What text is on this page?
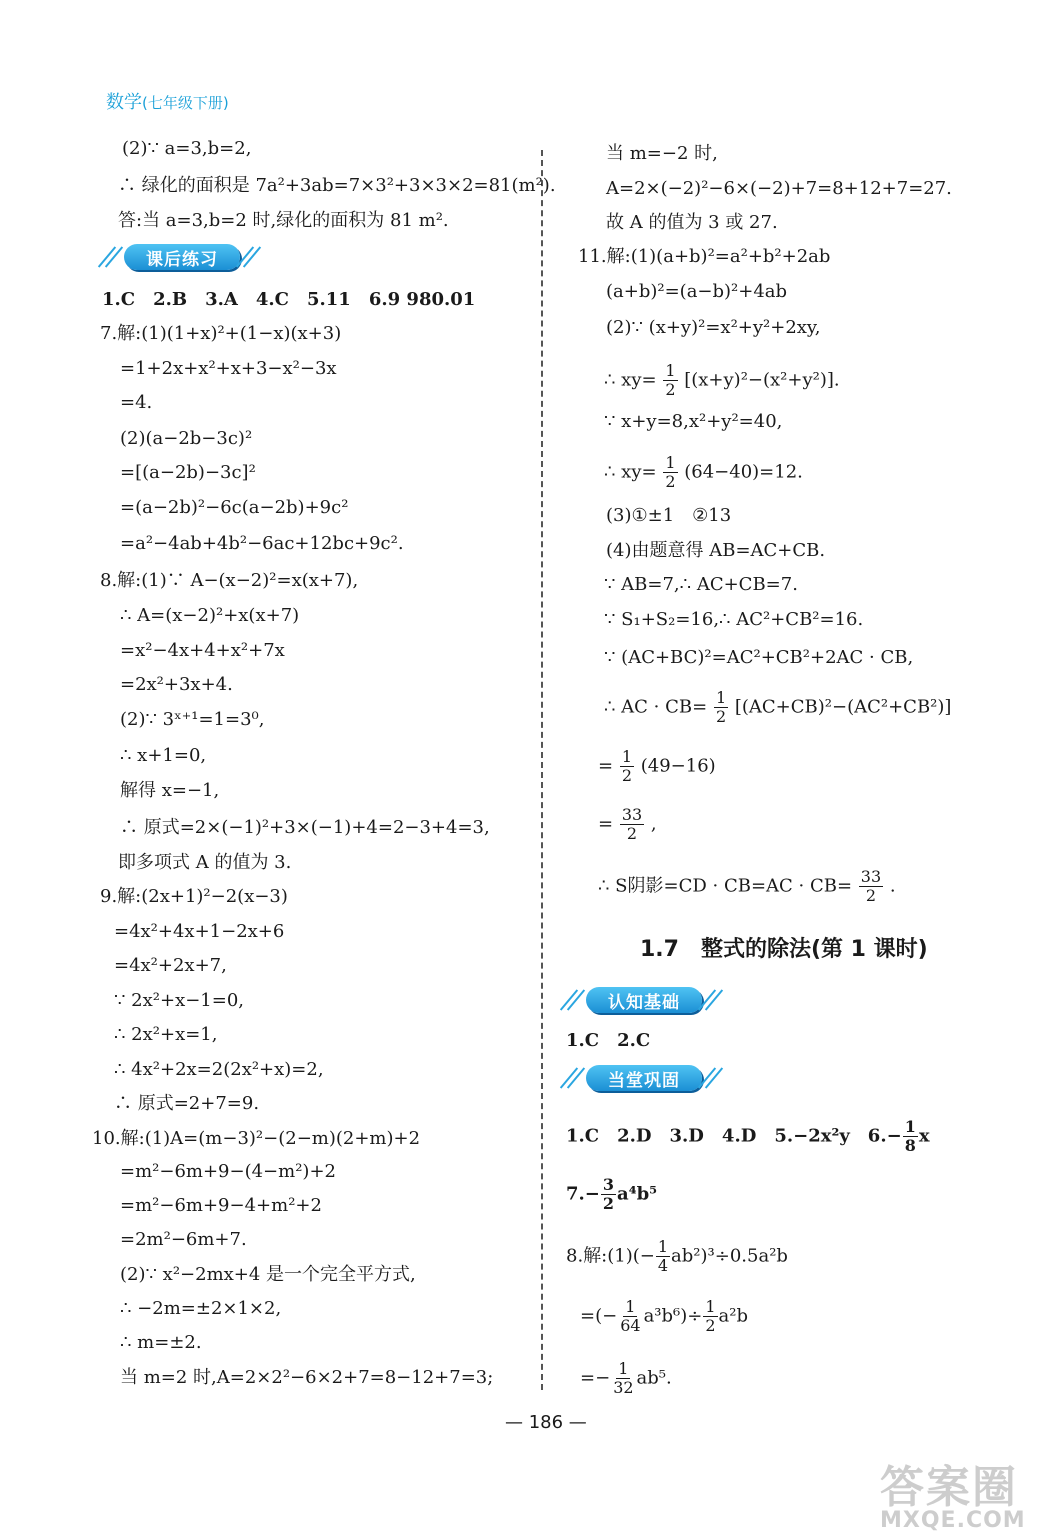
数学(七年级下册)
(2)∵ a=3,b=2,
∴ 绿化的面积是 7a²+3ab=7×3²+3×3×2=81(m²).
答:当 a=3,b=2 时,绿化的面积为 81 m².
课后练习
1.C　2.B　3.A　4.C　5.11　6.9 980.01
7.解:(1)(1+x)²+(1−x)(x+3)
=1+2x+x²+x+3−x²−3x
=4.
(2)(a−2b−3c)²
=[(a−2b)−3c]²
=(a−2b)²−6c(a−2b)+9c²
=a²−4ab+4b²−6ac+12bc+9c².
8.解:(1)∵ A−(x−2)²=x(x+7),
∴ A=(x−2)²+x(x+7)
=x²−4x+4+x²+7x
=2x²+3x+4.
(2)∵ 3ˣ⁺¹=1=3⁰,
∴ x+1=0,
解得 x=−1,
∴ 原式=2×(−1)²+3×(−1)+4=2−3+4=3,
即多项式 A 的值为 3.
9.解:(2x+1)²−2(x−3)
=4x²+4x+1−2x+6
=4x²+2x+7,
∵ 2x²+x−1=0,
∴ 2x²+x=1,
∴ 4x²+2x=2(2x²+x)=2,
∴ 原式=2+7=9.
10.解:(1)A=(m−3)²−(2−m)(2+m)+2
=m²−6m+9−(4−m²)+2
=m²−6m+9−4+m²+2
=2m²−6m+7.
(2)∵ x²−2mx+4 是一个完全平方式,
∴ −2m=±2×1×2,
∴ m=±2.
当 m=2 时,A=2×2²−6×2+7=8−12+7=3;
当 m=−2 时,
A=2×(−2)²−6×(−2)+7=8+12+7=27.
故 A 的值为 3 或 27.
11.解:(1)(a+b)²=a²+b²+2ab
(a+b)²=(a−b)²+4ab
(2)∵ (x+y)²=x²+y²+2xy,
∴ $xy= \frac{1}{2} [(x+y)^2-(x^2+y^2)]$.
∵ x+y=8,x²+y²=40,
∴ $xy= \frac{1}{2} (64-40)=12$.
(3)①±1　②13
(4)由题意得 AB=AC+CB.
∵ AB=7,∴ AC+CB=7.
∵ S₁+S₂=16,∴ AC²+CB²=16.
∵ (AC+BC)²=AC²+CB²+2AC · CB,
∴ AC · $CB= \frac{1}{2} [(AC+CB)^2-(AC^2+CB^2)]$
= $\frac{1}{2} (49-16)$
= $\frac{33}{2}$ ,
∴ S阴影$=CD \cdot CB=AC \cdot CB= \frac{33}{2}$ .
1.7　整式的除法(第 1 课时)
认知基础
1.C　2.C
当堂巩固
1.C　2.D　3.D　4.D　5.−2x²y　$6.- \frac{1}{8}$ x
$7.- \frac{3}{2} a^4b^5$
8.解:(1)(− $\frac{1}{4} ab^2)^3\div 0.5a^2b$
=(− $\frac{1}{64} a^3b^6)\div \frac{1}{2} a^2b$
=− $\frac{1}{32} ab^5$.
— 186 —
答案圈
MXQE.COM
